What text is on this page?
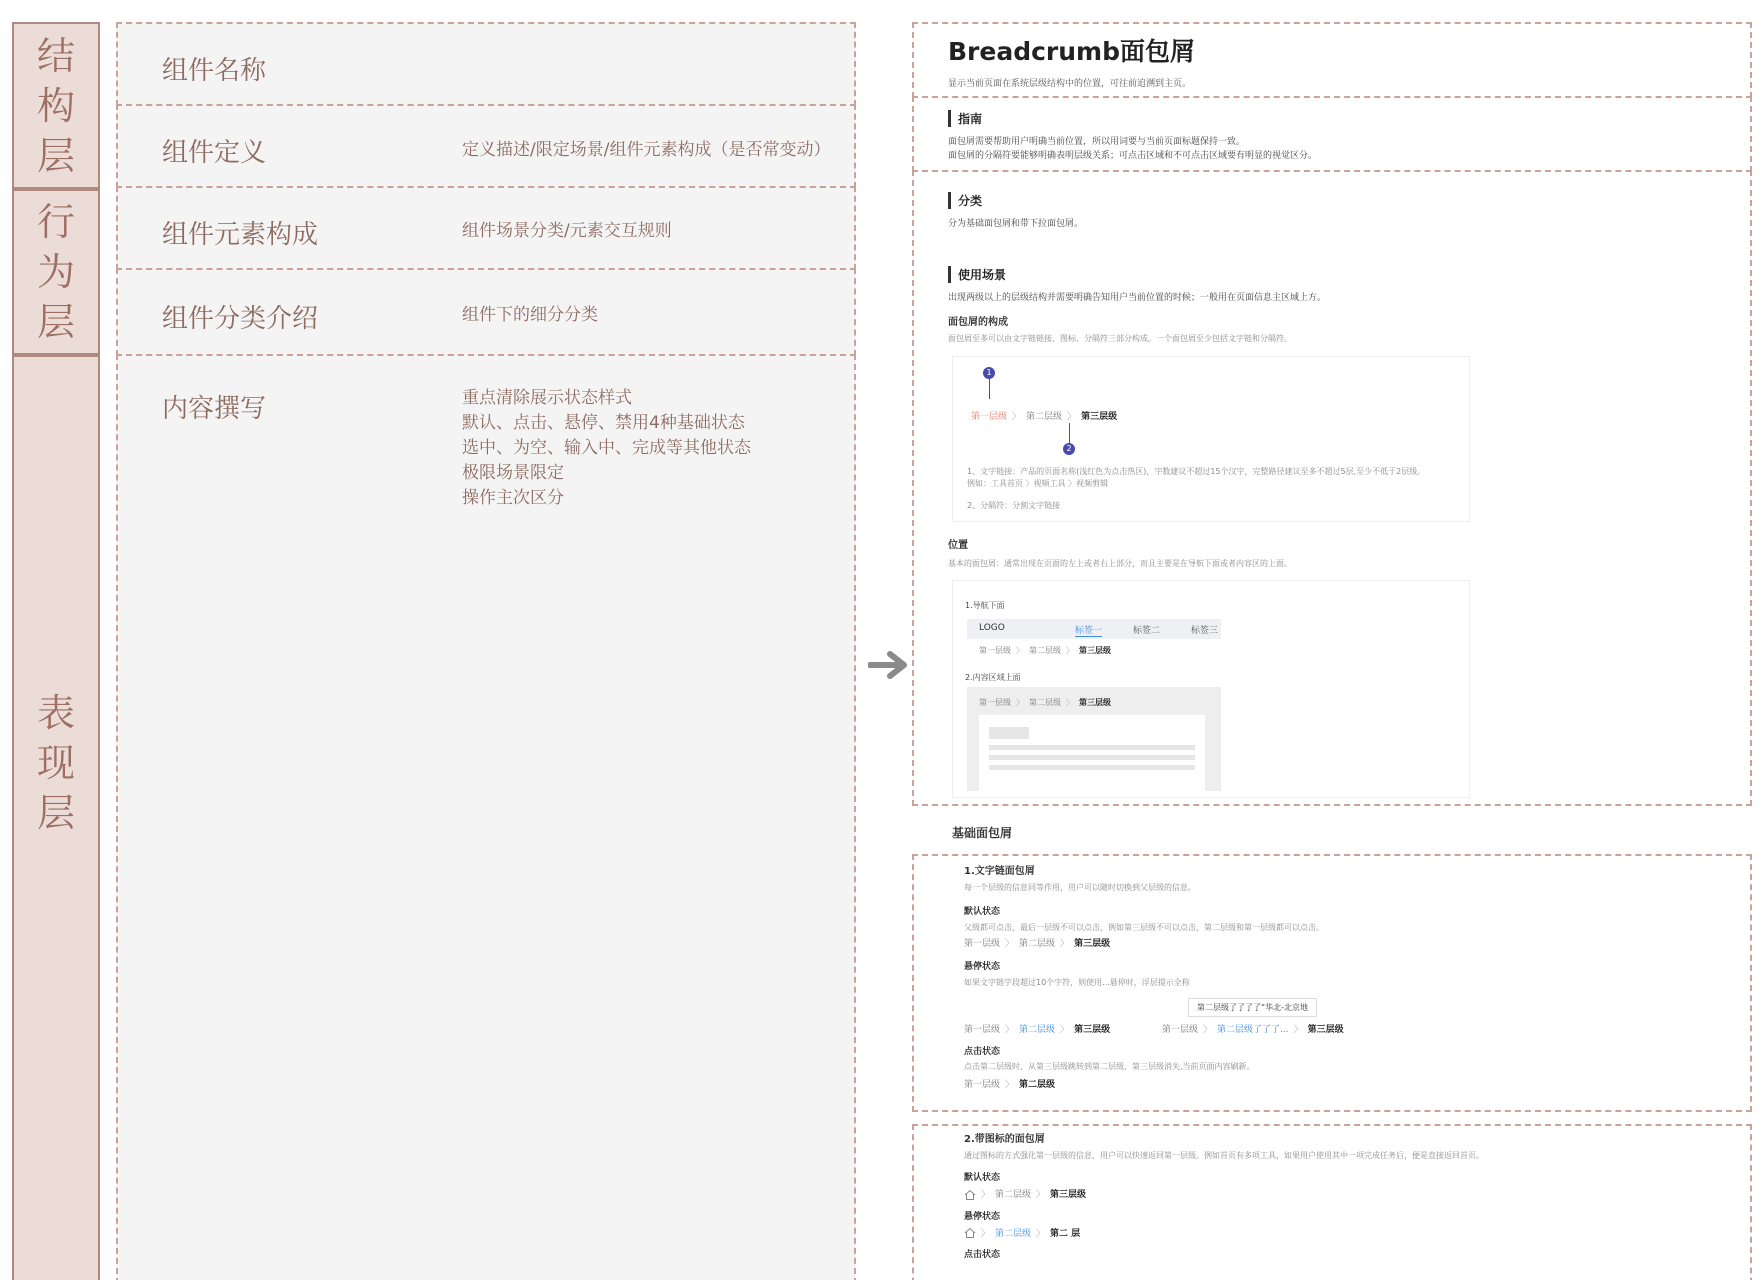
结
构
层
行
为
层
表
现
层
组件名称
组件定义	定义描述/限定场景/组件元素构成（是否常变动）
组件元素构成	组件场景分类/元素交互规则
组件分类介绍	组件下的细分分类
内容撰写	重点清除展示状态样式
默认、点击、悬停、禁用4种基础状态
选中、为空、输入中、完成等其他状态
极限场景限定
操作主次区分
Breadcrumb面包屑
显示当前页面在系统层级结构中的位置，可往前追溯到主页。
指南
面包屑需要帮助用户明确当前位置，所以用词要与当前页面标题保持一致。
面包屑的分隔符要能够明确表明层级关系；可点击区域和不可点击区域要有明显的视觉区分。
分类
分为基础面包屑和带下拉面包屑。
使用场景
出现两级以上的层级结构并需要明确告知用户当前位置的时候；一般用在页面信息主区域上方。
面包屑的构成
面包屑至多可以由文字链链接、图标、分隔符三部分构成。一个面包屑至少包括文字链和分隔符。
1
第一层级 〉 第二层级 〉 第三层级
2
1、文字链接：产品的页面名称(浅红色为点击热区)，字数建议不超过15个汉字，完整路径建议至多不超过5层,至少不低于2层级。
例如：工具首页 〉视频工具 〉视频剪辑
2、分隔符：分割文字链接
位置
基本的面包屑：通常出现在页面的左上或者右上部分，而且主要是在导航下面或者内容区的上面。
1.导航下面
LOGO	标签一	标签二	标签三
第一层级 〉 第二层级 〉 第三层级
2.内容区域上面
第一层级 〉 第二层级 〉 第三层级
基础面包屑
1.文字链面包屑
每一个层级的信息同等作用，用户可以随时切换到父层级的信息。
默认状态
父级都可点击，最后一层级不可以点击，例如第三层级不可以点击，第二层级和第一层级都可以点击。
第一层级 〉 第二层级 〉 第三层级
悬停状态
如果文字链字段超过10个字符，则使用...悬停时，浮层提示全称
第二层级了了了了“华北-北京地
第一层级 〉 第二层级 〉 第三层级	第一层级 〉 第二层级了了了... 〉 第三层级
点击状态
点击第二层级时，从第三层级跳转到第二层级，第三层级消失,当前页面内容刷新。
第一层级 〉 第二层级
2.带图标的面包屑
通过图标的方式强化第一层级的信息，用户可以快速返回第一层级。例如首页有多项工具，如果用户使用其中一项完成任务后，便是直接返回首页。
默认状态
〉 第二层级 〉 第三层级
悬停状态
〉 第二层级 〉 第二 层
点击状态
